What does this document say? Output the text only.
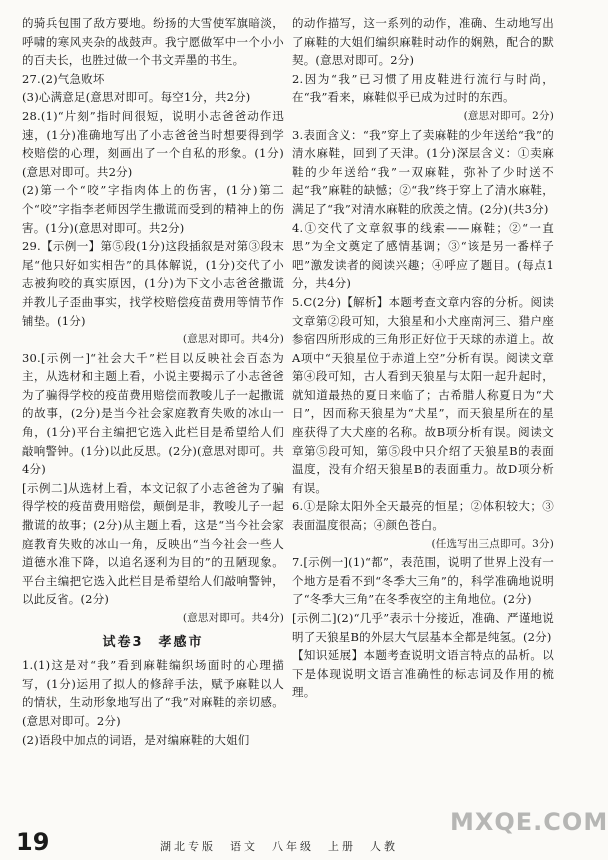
的骑兵包围了敌方要地。纷扬的大雪使军旗暗淡，呼啸的寒风夹杂的战鼓声。我宁愿做军中一个小小的百夫长，也胜过做一个书文弄墨的书生。

27.(2)气急败坏

(3)心满意足(意思对即可。每空1分，共2分)

28.(1)“片刻”指时间很短，说明小志爸爸动作迅速，(1分)准确地写出了小志爸爸当时想要得到学校赔偿的心理，刻画出了一个自私的形象。(1分)(意思对即可。共2分)

(2)第一个“咬”字指肉体上的伤害，(1分)第二个“咬”字指李老师因学生撒谎而受到的精神上的伤害。(1分)(意思对即可。共2分)

29.【示例一】第⑤段(1分)这段插叙是对第③段末尾“他只好如实相告”的具体解说，(1分)交代了小志被狗咬的真实原因，(1分)为下文小志爸爸撒谎并教儿子歪曲事实，找学校赔偿疫苗费用等情节作铺垫。(1分)

(意思对即可。共4分)

30.[示例一]“社会大千”栏目以反映社会百态为主，从选材和主题上看，小说主要揭示了小志爸爸为了骗得学校的疫苗费用赔偿而教唆儿子一起撒谎的故事，(2分)是当今社会家庭教育失败的冰山一角，(1分)平台主编把它选入此栏目是希望给人们敲响警钟。(1分)以此反思。(2分)(意思对即可。共4分)

[示例二]从选材上看，本文记叙了小志爸爸为了骗得学校的疫苗费用赔偿，颠倒是非，教唆儿子一起撒谎的故事；(2分)从主题上看，这是“当今社会家庭教育失败的冰山一角，反映出“当今社会一些人道德水准下降，以追名逐利为目的”的丑陋现象。平台主编把它选入此栏目是希望给人们敲响警钟，以此反省。(2分)

(意思对即可。共4分)

试卷3　孝感市

1.(1)这是对“我”看到麻鞋编织场面时的心理描写，(1分)运用了拟人的修辞手法，赋予麻鞋以人的情状，生动形象地写出了“我”对麻鞋的亲切感。(意思对即可。2分)

(2)语段中加点的词语，是对编麻鞋的大姐们

的动作描写，这一系列的动作，准确、生动地写出了麻鞋的大姐们编织麻鞋时动作的娴熟，配合的默契。(意思对即可。2分)

2.因为“我”已习惯了用皮鞋进行流行与时尚，在“我”看来，麻鞋似乎已成为过时的东西。

(意思对即可。2分)

3.表面含义：“我”穿上了卖麻鞋的少年送给“我”的清水麻鞋，回到了天津。(1分)深层含义：①卖麻鞋的少年送给“我”一双麻鞋，弥补了少时送不起“我”麻鞋的缺憾；②“我”终于穿上了清水麻鞋，满足了“我”对清水麻鞋的欣羡之情。(2分)(共3分)

4.①交代了文章叙事的线索——麻鞋；②“一直思”为全文奠定了感情基调；③“该是另一番样子吧”激发读者的阅读兴趣；④呼应了题目。(每点1分，共4分)

5.C(2分)【解析】本题考查文章内容的分析。阅读文章第②段可知，大狼星和小犬座南河三、猎户座参宿四所形成的三角形正好位于天球的赤道上。故A项中“天狼星位于赤道上空”分析有误。阅读文章第④段可知，古人看到天狼星与太阳一起升起时，就知道最热的夏日来临了；古希腊人称夏日为“犬日”，因而称天狼星为“犬星”，而天狼星所在的星座获得了大犬座的名称。故B项分析有误。阅读文章第⑤段可知，第⑤段中只介绍了天狼星B的表面温度，没有介绍天狼星B的表面重力。故D项分析有误。

6.①是除太阳外全天最亮的恒星；②体积较大；③表面温度很高；④颜色苍白。

(任选写出三点即可。3分)

7.[示例一](1)“都”，表范围，说明了世界上没有一个地方是看不到“冬季大三角”的，科学准确地说明了“冬季大三角”在冬季夜空的主角地位。(2分)

[示例二](2)“几乎”表示十分接近，准确、严谨地说明了天狼星B的外层大气层基本全都是纯氢。(2分)

【知识延展】本题考查说明文语言特点的品析。以下是体现说明文语言准确性的标志词及作用的梳理。

19	湖北专版　语文　八年级　上册　人教
MXQE.COM
